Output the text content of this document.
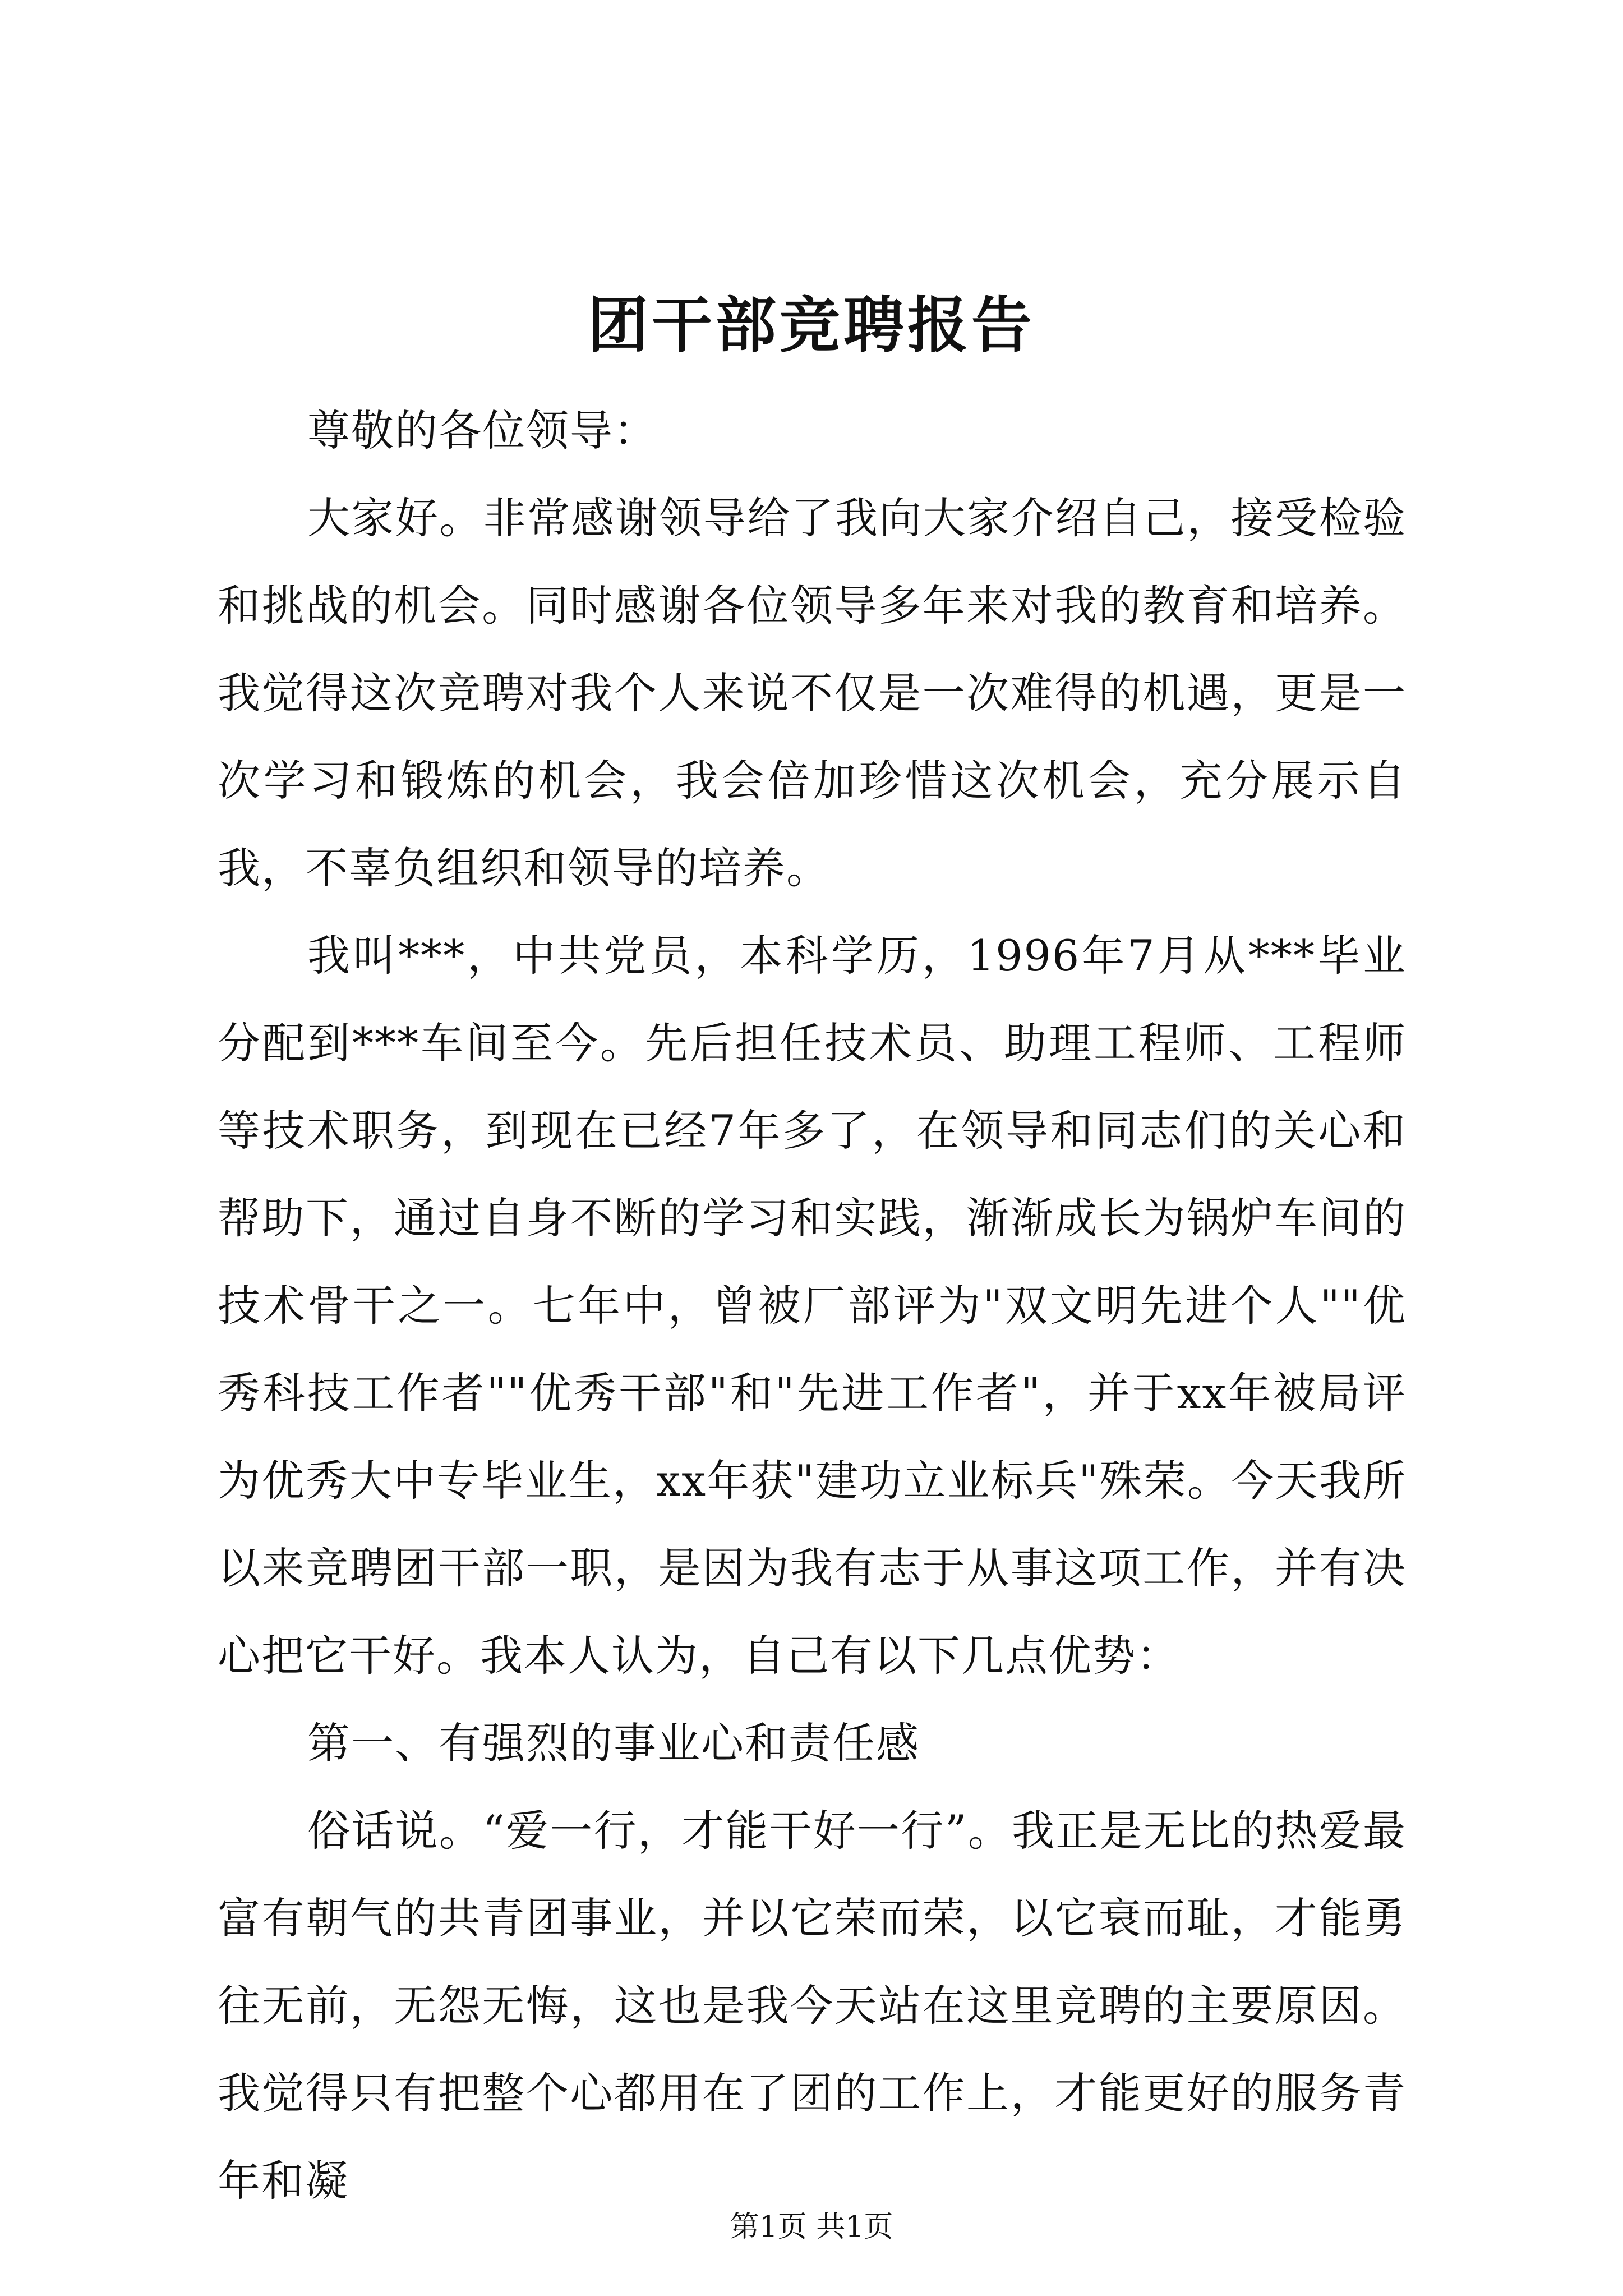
团干部竞聘报告

尊敬的各位领导：

大家好。非常感谢领导给了我向大家介绍自己，接受检验和挑战的机会。同时感谢各位领导多年来对我的教育和培养。我觉得这次竞聘对我个人来说不仅是一次难得的机遇，更是一次学习和锻炼的机会，我会倍加珍惜这次机会，充分展示自我，不辜负组织和领导的培养。

我叫***，中共党员，本科学历，1996年7月从***毕业分配到***车间至今。先后担任技术员、助理工程师、工程师等技术职务，到现在已经7年多了，在领导和同志们的关心和帮助下，通过自身不断的学习和实践，渐渐成长为锅炉车间的技术骨干之一。七年中，曾被厂部评为"双文明先进个人""优秀科技工作者""优秀干部"和"先进工作者"，并于xx年被局评为优秀大中专毕业生，xx年获"建功立业标兵"殊荣。今天我所以来竞聘团干部一职，是因为我有志于从事这项工作，并有决心把它干好。我本人认为，自己有以下几点优势：

第一、有强烈的事业心和责任感

俗话说。“爱一行，才能干好一行”。我正是无比的热爱最富有朝气的共青团事业，并以它荣而荣，以它衰而耻，才能勇往无前，无怨无悔，这也是我今天站在这里竞聘的主要原因。我觉得只有把整个心都用在了团的工作上，才能更好的服务青年和凝

第1页 共1页
